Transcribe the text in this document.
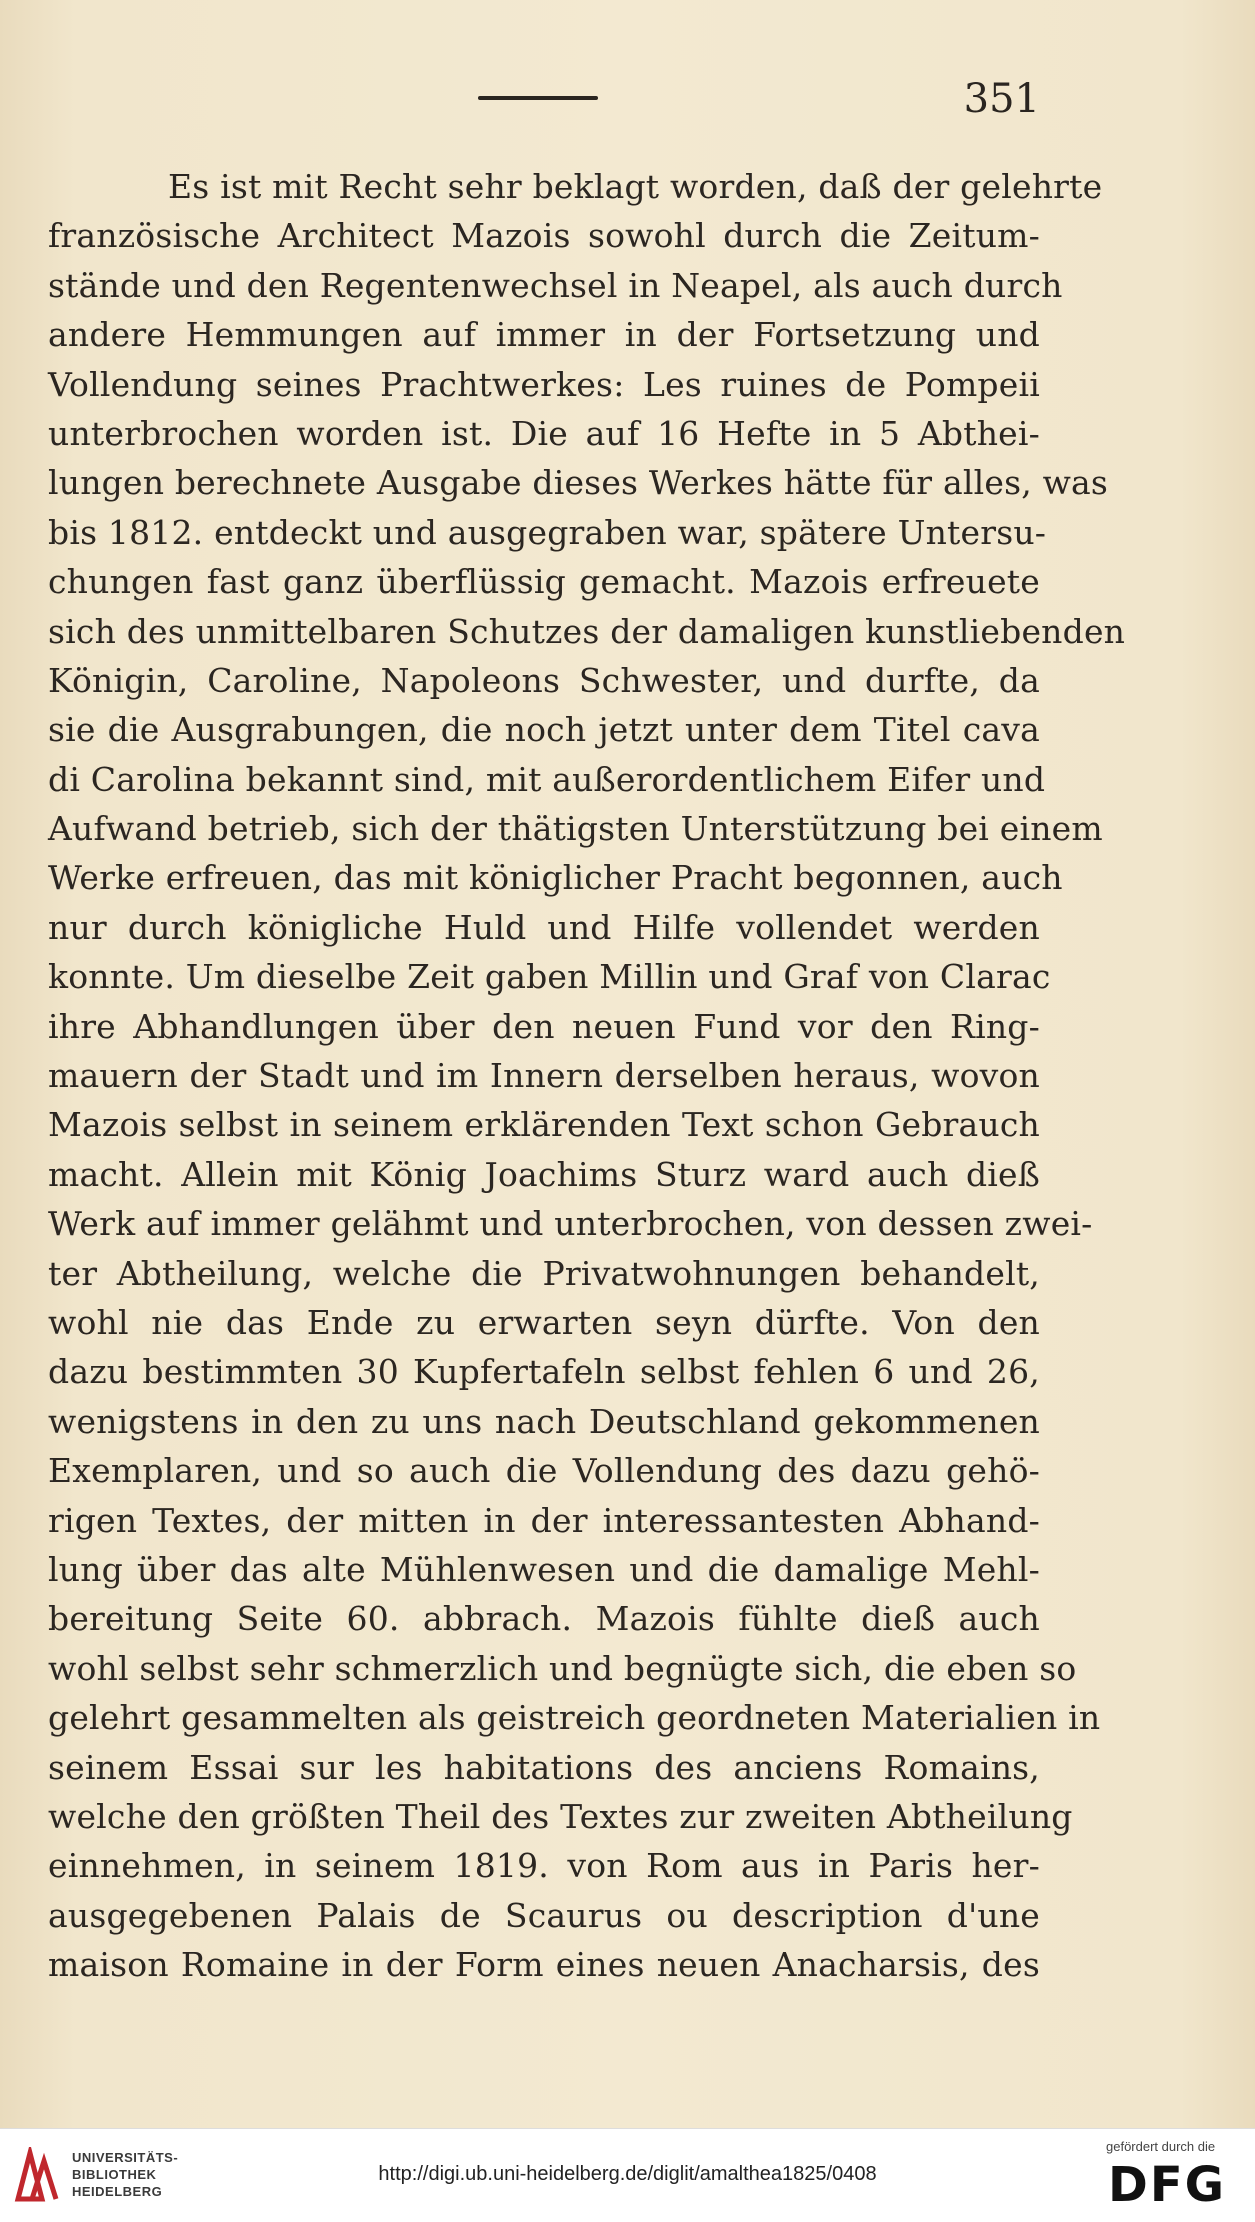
351
Es ist mit Recht sehr beklagt worden, daß der gelehrte
französische Architect Mazois sowohl durch die Zeitum-
stände und den Regentenwechsel in Neapel, als auch durch
andere Hemmungen auf immer in der Fortsetzung und
Vollendung seines Prachtwerkes: Les ruines de Pompeii
unterbrochen worden ist. Die auf 16 Hefte in 5 Abthei-
lungen berechnete Ausgabe dieses Werkes hätte für alles, was
bis 1812. entdeckt und ausgegraben war, spätere Untersu-
chungen fast ganz überflüssig gemacht. Mazois erfreuete
sich des unmittelbaren Schutzes der damaligen kunstliebenden
Königin, Caroline, Napoleons Schwester, und durfte, da
sie die Ausgrabungen, die noch jetzt unter dem Titel cava
di Carolina bekannt sind, mit außerordentlichem Eifer und
Aufwand betrieb, sich der thätigsten Unterstützung bei einem
Werke erfreuen, das mit königlicher Pracht begonnen, auch
nur durch königliche Huld und Hilfe vollendet werden
konnte. Um dieselbe Zeit gaben Millin und Graf von Clarac
ihre Abhandlungen über den neuen Fund vor den Ring-
mauern der Stadt und im Innern derselben heraus, wovon
Mazois selbst in seinem erklärenden Text schon Gebrauch
macht. Allein mit König Joachims Sturz ward auch dieß
Werk auf immer gelähmt und unterbrochen, von dessen zwei-
ter Abtheilung, welche die Privatwohnungen behandelt,
wohl nie das Ende zu erwarten seyn dürfte. Von den
dazu bestimmten 30 Kupfertafeln selbst fehlen 6 und 26,
wenigstens in den zu uns nach Deutschland gekommenen
Exemplaren, und so auch die Vollendung des dazu gehö-
rigen Textes, der mitten in der interessantesten Abhand-
lung über das alte Mühlenwesen und die damalige Mehl-
bereitung Seite 60. abbrach. Mazois fühlte dieß auch
wohl selbst sehr schmerzlich und begnügte sich, die eben so
gelehrt gesammelten als geistreich geordneten Materialien in
seinem Essai sur les habitations des anciens Romains,
welche den größten Theil des Textes zur zweiten Abtheilung
einnehmen, in seinem 1819. von Rom aus in Paris her-
ausgegebenen Palais de Scaurus ou description d'une
maison Romaine in der Form eines neuen Anacharsis, des
UNIVERSITÄTS-
BIBLIOTHEK
HEIDELBERG
http://digi.ub.uni-heidelberg.de/diglit/amalthea1825/0408
gefördert durch die
DFG
